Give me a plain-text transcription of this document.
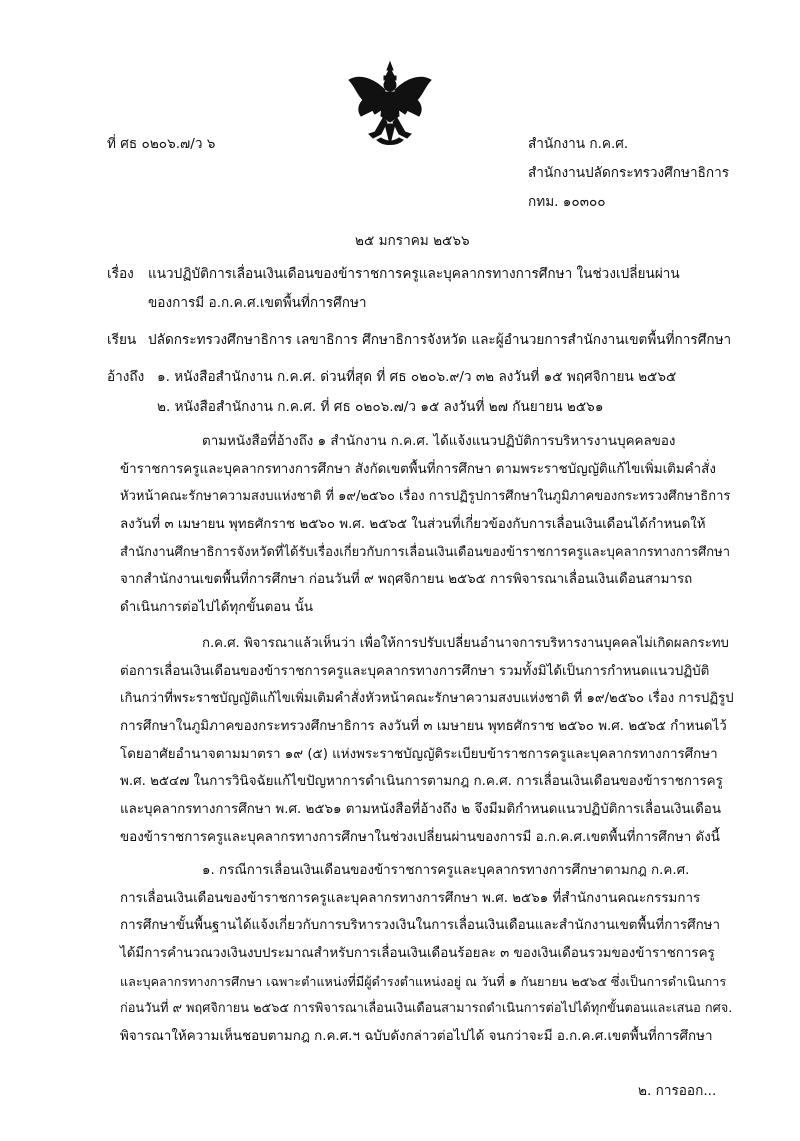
ที่ ศธ ๐๒๐๖.๗/ว ๖	สำนักงาน ก.ค.ศ.
สำนักงานปลัดกระทรวงศึกษาธิการ
กทม. ๑๐๓๐๐
๒๕ มกราคม ๒๕๖๖
เรื่อง แนวปฏิบัติการเลื่อนเงินเดือนของข้าราชการครูและบุคลากรทางการศึกษา ในช่วงเปลี่ยนผ่าน
ของการมี อ.ก.ค.ศ.เขตพื้นที่การศึกษา
เรียน ปลัดกระทรวงศึกษาธิการ เลขาธิการ ศึกษาธิการจังหวัด และผู้อำนวยการสำนักงานเขตพื้นที่การศึกษา
อ้างถึง ๑. หนังสือสำนักงาน ก.ค.ศ. ด่วนที่สุด ที่ ศธ ๐๒๐๖.๙/ว ๓๒ ลงวันที่ ๑๕ พฤศจิกายน ๒๕๖๕
๒. หนังสือสำนักงาน ก.ค.ศ. ที่ ศธ ๐๒๐๖.๗/ว ๑๕ ลงวันที่ ๒๗ กันยายน ๒๕๖๑
ตามหนังสือที่อ้างถึง ๑ สำนักงาน ก.ค.ศ. ได้แจ้งแนวปฏิบัติการบริหารงานบุคคลของ
ข้าราชการครูและบุคลากรทางการศึกษา สังกัดเขตพื้นที่การศึกษา ตามพระราชบัญญัติแก้ไขเพิ่มเติมคำสั่ง
หัวหน้าคณะรักษาความสงบแห่งชาติ ที่ ๑๙/๒๕๖๐ เรื่อง การปฏิรูปการศึกษาในภูมิภาคของกระทรวงศึกษาธิการ
ลงวันที่ ๓ เมษายน พุทธศักราช ๒๕๖๐ พ.ศ. ๒๕๖๕ ในส่วนที่เกี่ยวข้องกับการเลื่อนเงินเดือนได้กำหนดให้
สำนักงานศึกษาธิการจังหวัดที่ได้รับเรื่องเกี่ยวกับการเลื่อนเงินเดือนของข้าราชการครูและบุคลากรทางการศึกษา
จากสำนักงานเขตพื้นที่การศึกษา ก่อนวันที่ ๙ พฤศจิกายน ๒๕๖๕ การพิจารณาเลื่อนเงินเดือนสามารถ
ดำเนินการต่อไปได้ทุกขั้นตอน นั้น
ก.ค.ศ. พิจารณาแล้วเห็นว่า เพื่อให้การปรับเปลี่ยนอำนาจการบริหารงานบุคคลไม่เกิดผลกระทบ
ต่อการเลื่อนเงินเดือนของข้าราชการครูและบุคลากรทางการศึกษา รวมทั้งมิได้เป็นการกำหนดแนวปฏิบัติ
เกินกว่าที่พระราชบัญญัติแก้ไขเพิ่มเติมคำสั่งหัวหน้าคณะรักษาความสงบแห่งชาติ ที่ ๑๙/๒๕๖๐ เรื่อง การปฏิรูป
การศึกษาในภูมิภาคของกระทรวงศึกษาธิการ ลงวันที่ ๓ เมษายน พุทธศักราช ๒๕๖๐ พ.ศ. ๒๕๖๕ กำหนดไว้
โดยอาศัยอำนาจตามมาตรา ๑๙ (๕) แห่งพระราชบัญญัติระเบียบข้าราชการครูและบุคลากรทางการศึกษา
พ.ศ. ๒๕๔๗ ในการวินิจฉัยแก้ไขปัญหาการดำเนินการตามกฎ ก.ค.ศ. การเลื่อนเงินเดือนของข้าราชการครู
และบุคลากรทางการศึกษา พ.ศ. ๒๕๖๑ ตามหนังสือที่อ้างถึง ๒ จึงมีมติกำหนดแนวปฏิบัติการเลื่อนเงินเดือน
ของข้าราชการครูและบุคลากรทางการศึกษาในช่วงเปลี่ยนผ่านของการมี อ.ก.ค.ศ.เขตพื้นที่การศึกษา ดังนี้
๑. กรณีการเลื่อนเงินเดือนของข้าราชการครูและบุคลากรทางการศึกษาตามกฎ ก.ค.ศ.
การเลื่อนเงินเดือนของข้าราชการครูและบุคลากรทางการศึกษา พ.ศ. ๒๕๖๑ ที่สำนักงานคณะกรรมการ
การศึกษาขั้นพื้นฐานได้แจ้งเกี่ยวกับการบริหารวงเงินในการเลื่อนเงินเดือนและสำนักงานเขตพื้นที่การศึกษา
ได้มีการคำนวณวงเงินงบประมาณสำหรับการเลื่อนเงินเดือนร้อยละ ๓ ของเงินเดือนรวมของข้าราชการครู
และบุคลากรทางการศึกษา เฉพาะตำแหน่งที่มีผู้ดำรงตำแหน่งอยู่ ณ วันที่ ๑ กันยายน ๒๕๖๕ ซึ่งเป็นการดำเนินการ
ก่อนวันที่ ๙ พฤศจิกายน ๒๕๖๕ การพิจารณาเลื่อนเงินเดือนสามารถดำเนินการต่อไปได้ทุกขั้นตอนและเสนอ กศจ.
พิจารณาให้ความเห็นชอบตามกฎ ก.ค.ศ.ฯ ฉบับดังกล่าวต่อไปได้ จนกว่าจะมี อ.ก.ค.ศ.เขตพื้นที่การศึกษา
๒. การออก...
